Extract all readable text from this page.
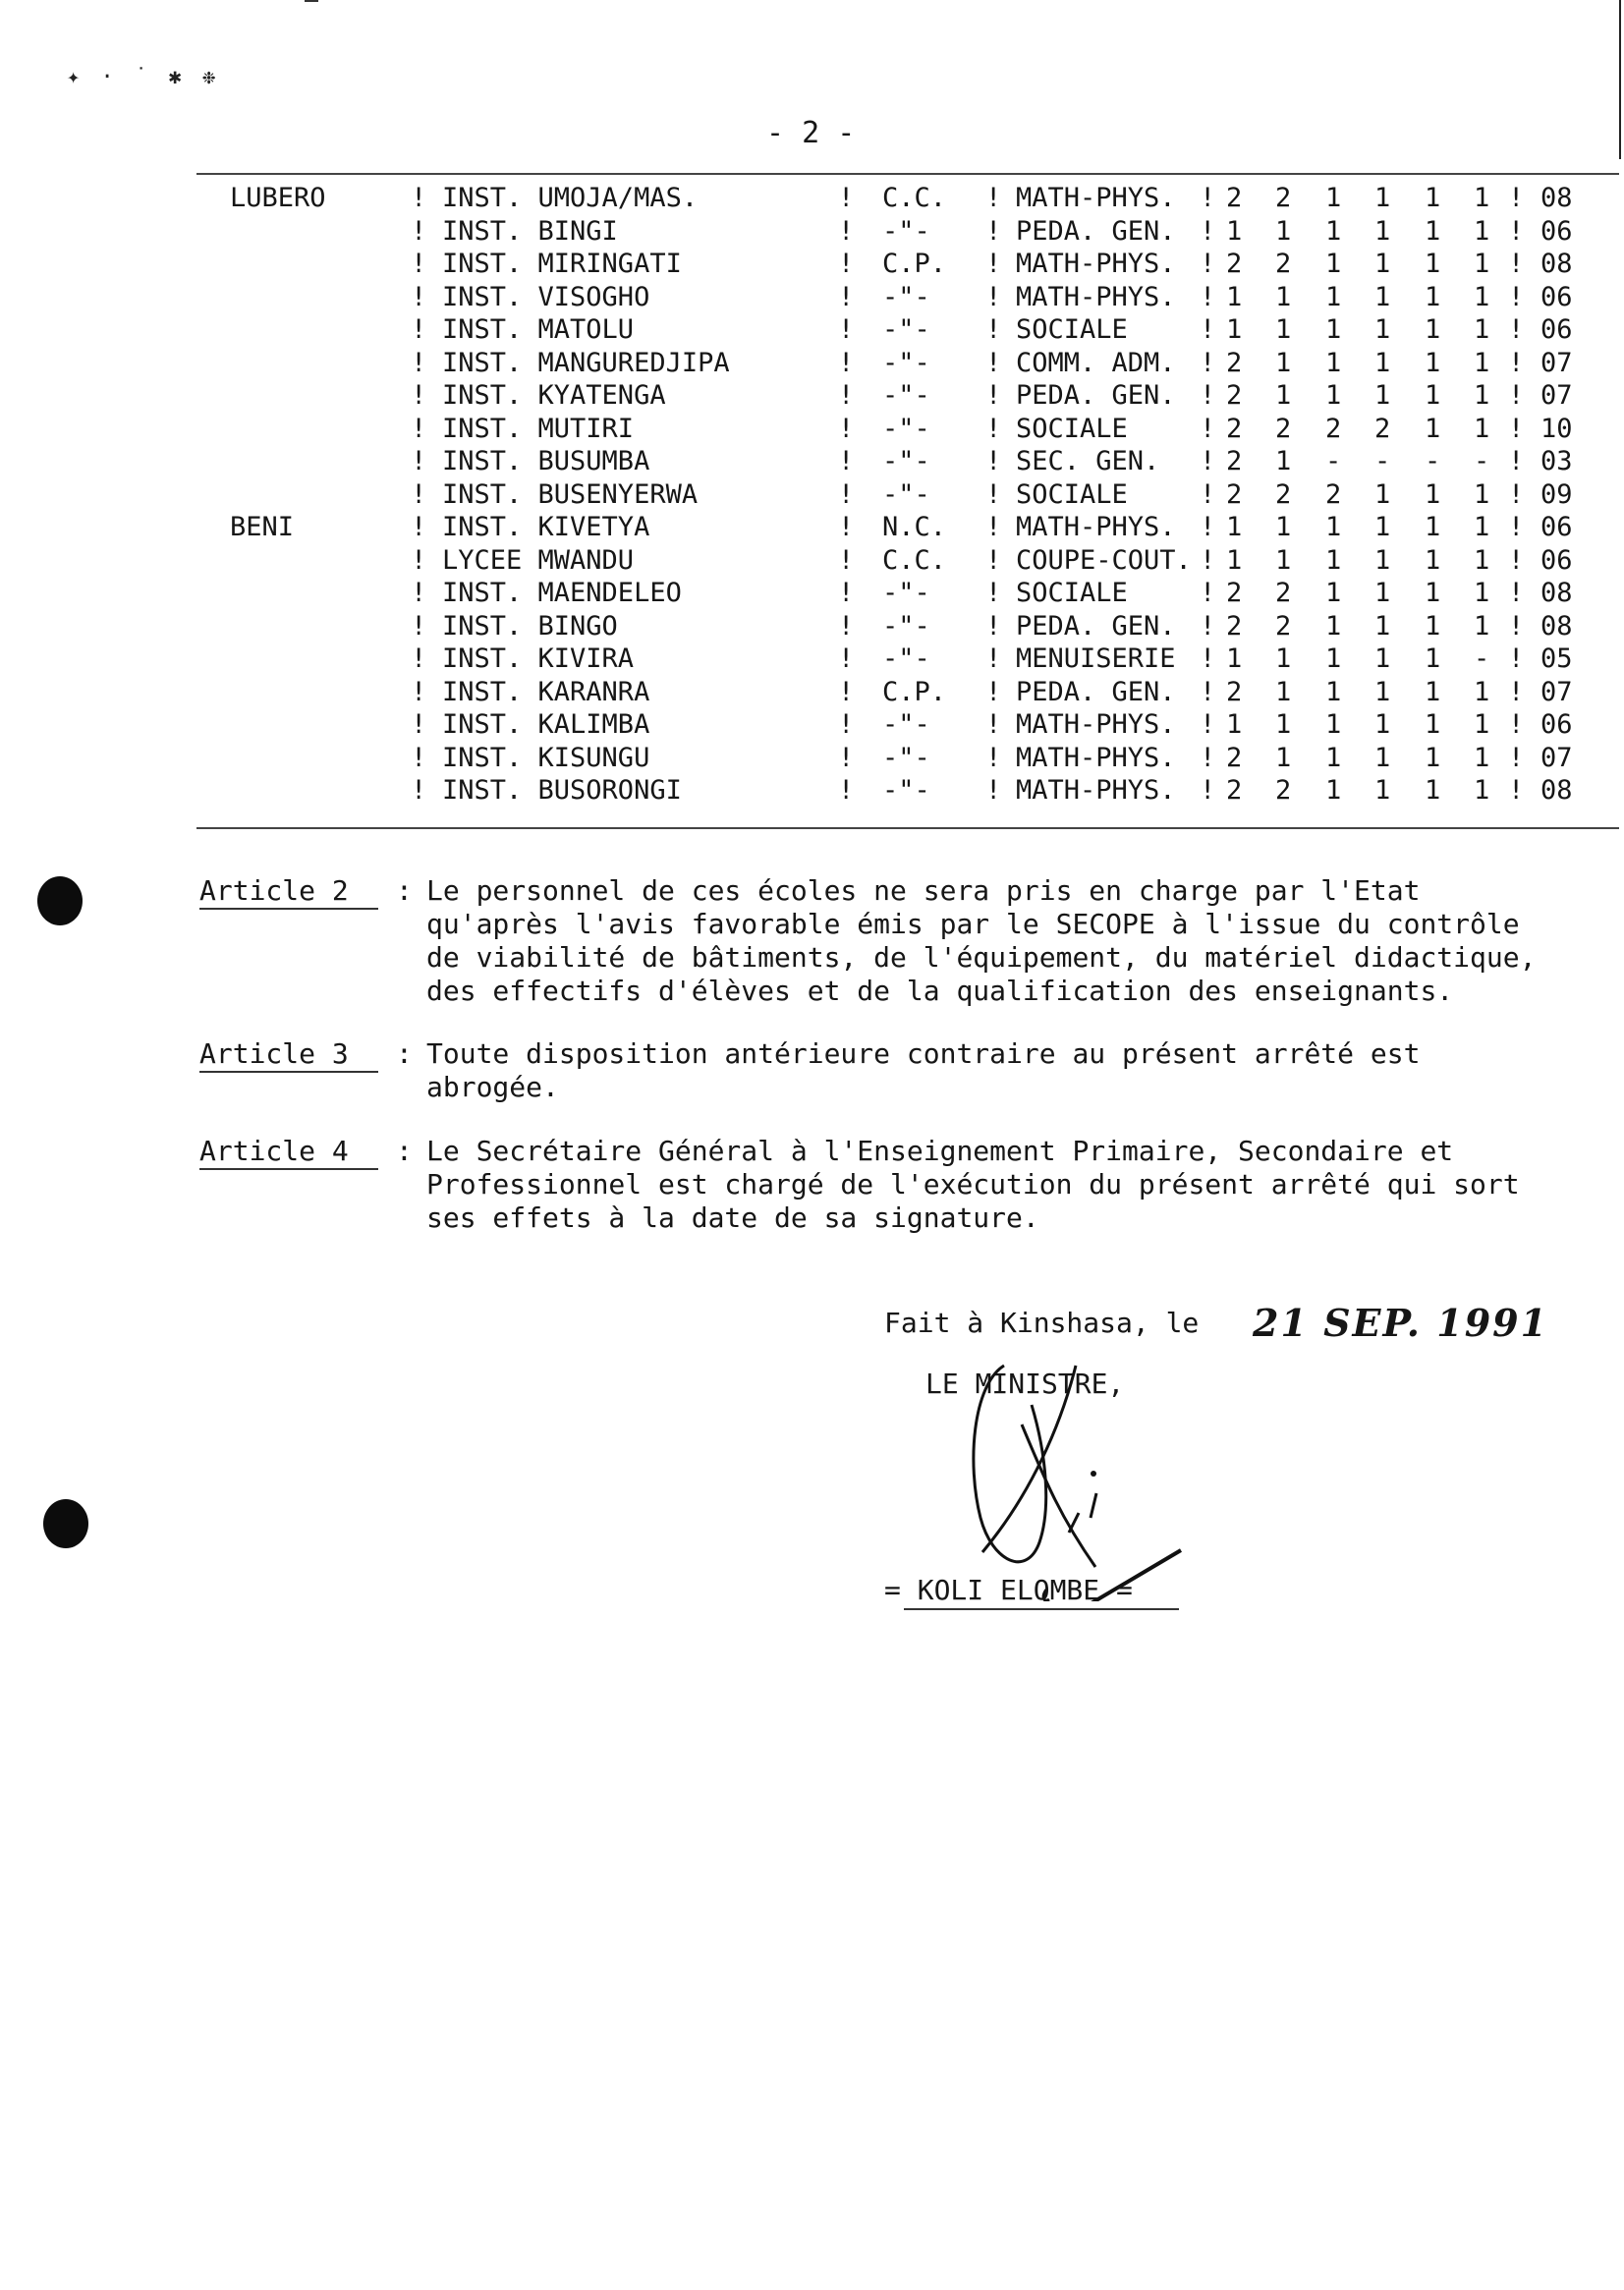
✦ · ˙ ✱ ❉
- 2 -
LUBERO	! INST. UMOJA/MAS.	! C.C. ! MATH-PHYS. ! 2 2 1 1 1 1 ! 08
! INST. BINGI	! -"- ! PEDA. GEN. ! 1 1 1 1 1 1 ! 06
! INST. MIRINGATI	! C.P. ! MATH-PHYS. ! 2 2 1 1 1 1 ! 08
! INST. VISOGHO	! -"- ! MATH-PHYS. ! 1 1 1 1 1 1 ! 06
! INST. MATOLU	! -"- ! SOCIALE	! 1 1 1 1 1 1 ! 06
! INST. MANGUREDJIPA	! -"- ! COMM. ADM. ! 2 1 1 1 1 1 ! 07
! INST. KYATENGA	! -"- ! PEDA. GEN. ! 2 1 1 1 1 1 ! 07
! INST. MUTIRI	! -"- ! SOCIALE	! 2 2 2 2 1 1 ! 10
! INST. BUSUMBA	! -"- ! SEC. GEN. ! 2 1 - - - - ! 03
! INST. BUSENYERWA	! -"- ! SOCIALE	! 2 2 2 1 1 1 ! 09
BENI	! INST. KIVETYA	! N.C. ! MATH-PHYS. ! 1 1 1 1 1 1 ! 06
! LYCEE MWANDU	! C.C. ! COUPE-COUT. ! 1 1 1 1 1 1 ! 06
! INST. MAENDELEO	! -"- ! SOCIALE	! 2 2 1 1 1 1 ! 08
! INST. BINGO	! -"- ! PEDA. GEN. ! 2 2 1 1 1 1 ! 08
! INST. KIVIRA	! -"- ! MENUISERIE ! 1 1 1 1 1 - ! 05
! INST. KARANRA	! C.P. ! PEDA. GEN. ! 2 1 1 1 1 1 ! 07
! INST. KALIMBA	! -"- ! MATH-PHYS. ! 1 1 1 1 1 1 ! 06
! INST. KISUNGU	! -"- ! MATH-PHYS. ! 2 1 1 1 1 1 ! 07
! INST. BUSORONGI	! -"- ! MATH-PHYS. ! 2 2 1 1 1 1 ! 08
Article 2 : Le personnel de ces écoles ne sera pris en charge par l'Etat
qu'après l'avis favorable émis par le SECOPE à l'issue du contrôle
de viabilité de bâtiments, de l'équipement, du matériel didactique,
des effectifs d'élèves et de la qualification des enseignants.
Article 3 : Toute disposition antérieure contraire au présent arrêté est
abrogée.
Article 4 : Le Secrétaire Général à l'Enseignement Primaire, Secondaire et
Professionnel est chargé de l'exécution du présent arrêté qui sort
ses effets à la date de sa signature.
Fait à Kinshasa, le 21 SEP. 1991
LE MINISTRE,
= KOLI ELOMBE =
